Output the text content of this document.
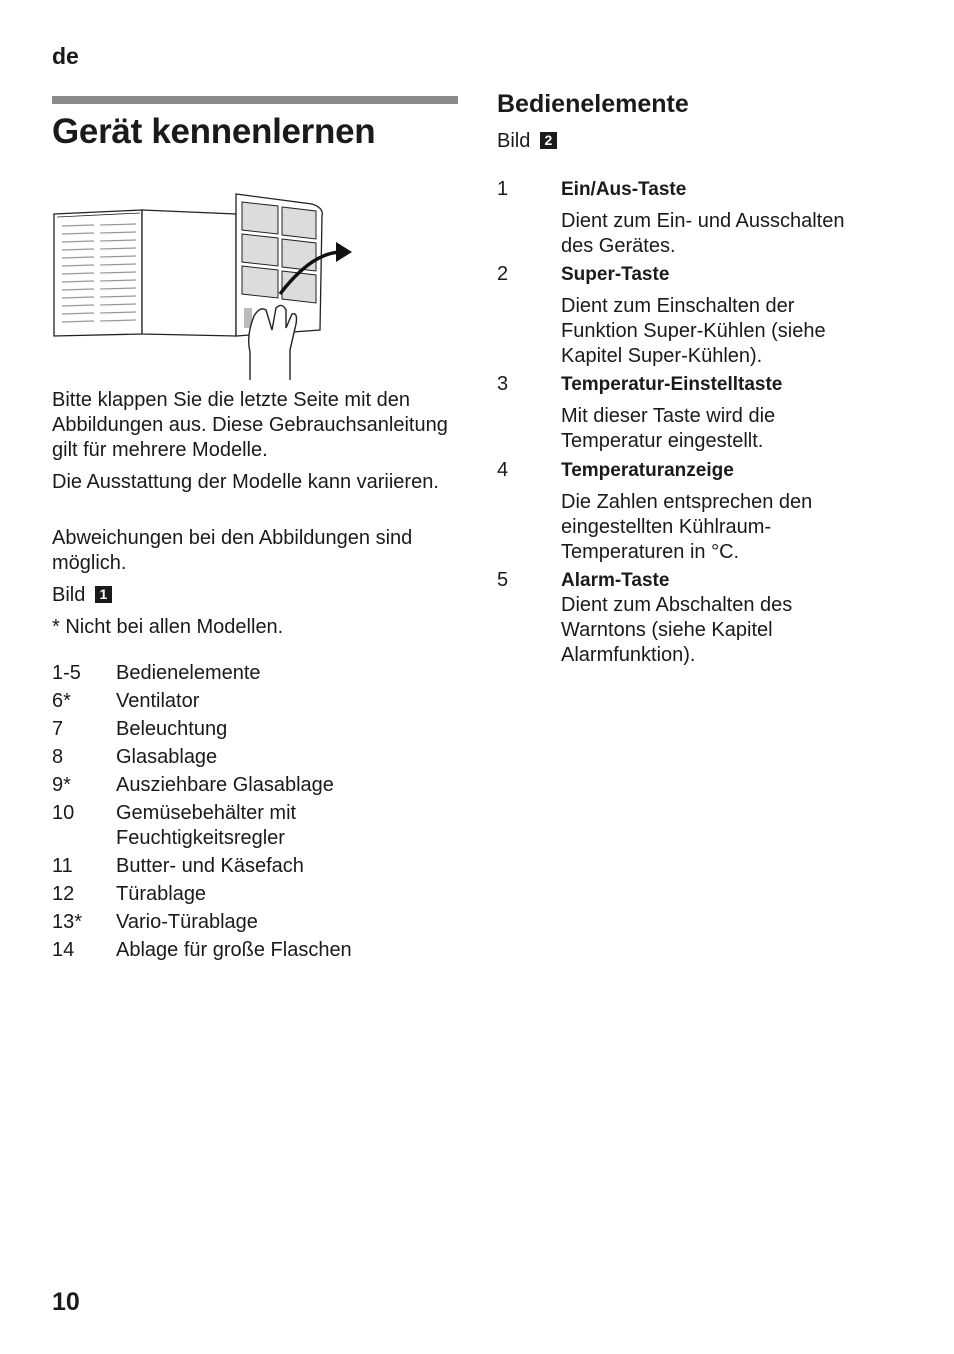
de
Gerät kennenlernen

Bitte klappen Sie die letzte Seite mit den Abbildungen aus. Diese Gebrauchsanleitung gilt für mehrere Modelle.

Die Ausstattung der Modelle kann variieren.

Abweichungen bei den Abbildungen sind möglich.

Bild 1
* Nicht bei allen Modellen.
1-5	Bedienelemente
6*	Ventilator
7	Beleuchtung
8	Glasablage
9*	Ausziehbare Glasablage
10	Gemüsebehälter mit Feuchtigkeitsregler
11	Butter- und Käsefach
12	Türablage
13*	Vario-Türablage
14	Ablage für große Flaschen
Bedienelemente
Bild 2
1	Ein/Aus-Taste
Dient zum Ein- und Ausschalten des Gerätes.
2	Super-Taste
Dient zum Einschalten der Funktion Super-Kühlen (siehe Kapitel Super-Kühlen).
3	Temperatur-Einstelltaste
Mit dieser Taste wird die Temperatur eingestellt.
4	Temperaturanzeige
Die Zahlen entsprechen den eingestellten Kühlraum-Temperaturen in °C.
5	Alarm-Taste
Dient zum Abschalten des Warntons (siehe Kapitel Alarmfunktion).
10
